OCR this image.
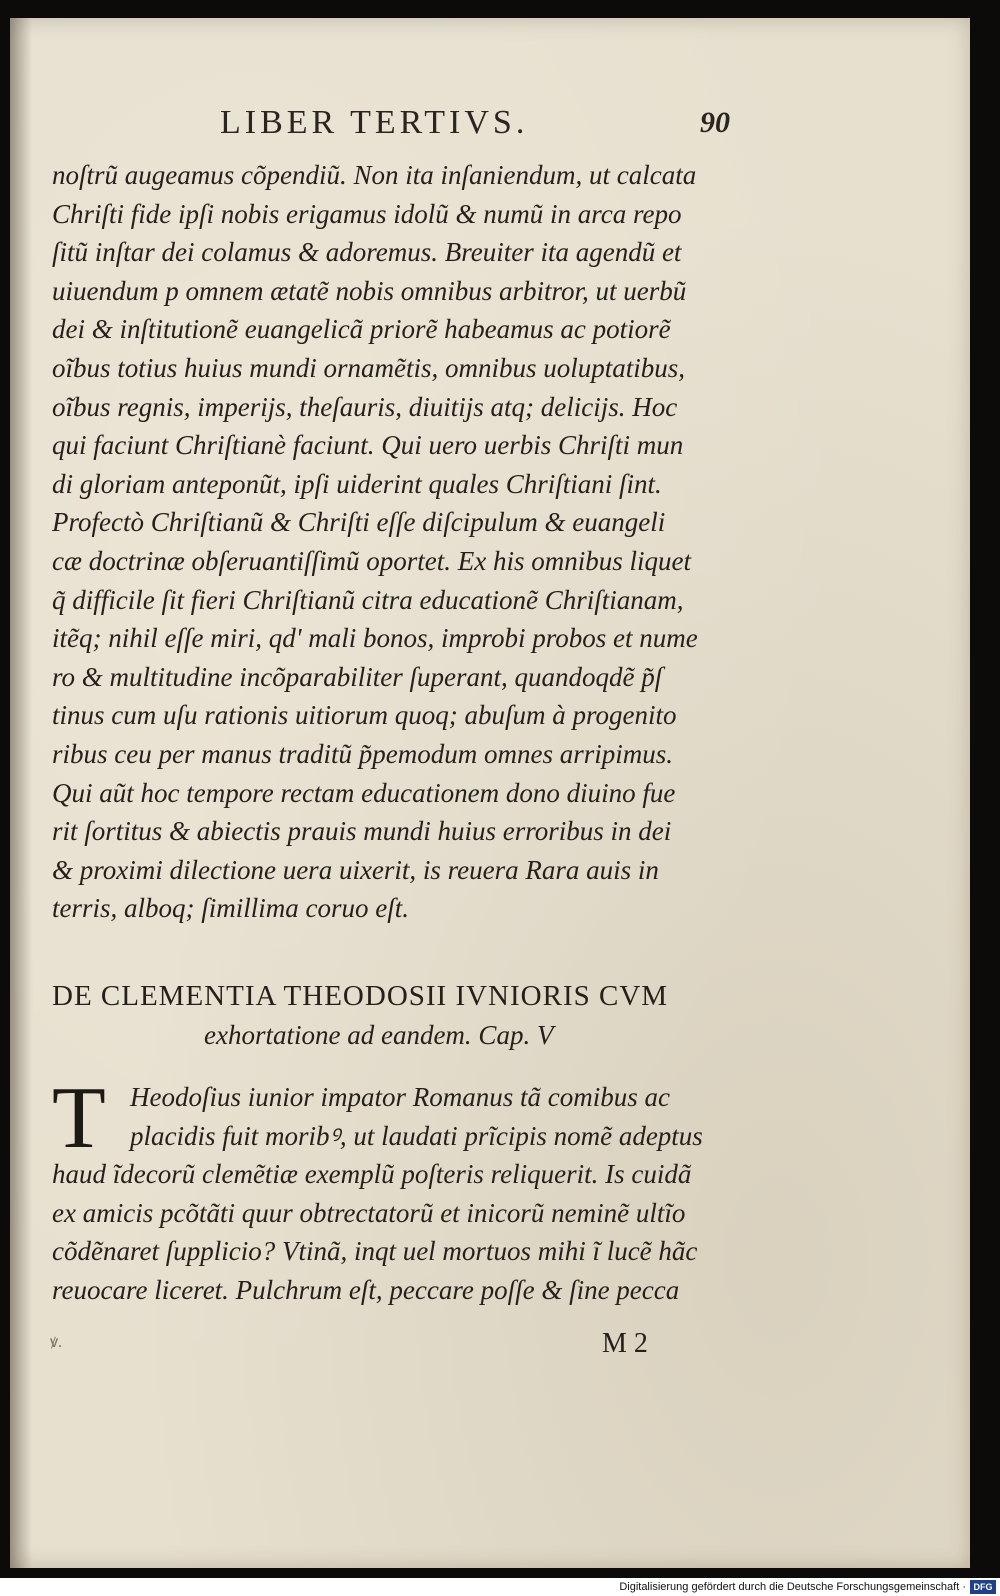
LIBER TERTIVS.	90
noſtrũ augeamus cõpendiũ. Non ita inſaniendum, ut calcata
Chriſti fide ipſi nobis erigamus idolũ & numũ in arca repo
ſitũ inſtar dei colamus & adoremus. Breuiter ita agendũ et
uiuendum p omnem ætatẽ nobis omnibus arbitror, ut uerbũ
dei & inſtitutionẽ euangelicã priorẽ habeamus ac potiorẽ
oĩbus totius huius mundi ornamẽtis, omnibus uoluptatibus,
oĩbus regnis, imperijs, theſauris, diuitijs atq; delicijs. Hoc
qui faciunt Chriſtianè faciunt. Qui uero uerbis Chriſti mun
di gloriam anteponũt, ipſi uiderint quales Chriſtiani ſint.
Profectò Chriſtianũ & Chriſti eſſe diſcipulum & euangeli
cæ doctrinæ obſeruantiſſimũ oportet. Ex his omnibus liquet
q̃ difficile ſit fieri Chriſtianũ citra educationẽ Chriſtianam,
itẽq; nihil eſſe miri, qd' mali bonos, improbi probos et nume
ro & multitudine incõparabiliter ſuperant, quandoqdẽ p̃ſ
tinus cum uſu rationis uitiorum quoq; abuſum à progenito
ribus ceu per manus traditũ p̃pemodum omnes arripimus.
Qui aũt hoc tempore rectam educationem dono diuino fue
rit ſortitus & abiectis prauis mundi huius erroribus in dei
& proximi dilectione uera uixerit, is reuera Rara auis in
terris, alboq; ſimillima coruo eſt.
DE CLEMENTIA THEODOSII IVNIORIS CVM
exhortatione ad eandem. Cap. V
T Heodoſius iunior impator Romanus tã comibus ac
placidis fuit moribꝰ, ut laudati prĩcipis nomẽ adeptus
haud ĩdecorũ clemẽtiæ exemplũ poſteris reliquerit. Is cuidã
ex amicis pcõtãti quur obtrectatorũ et inicorũ neminẽ ultĩo
cõdẽnaret ſupplicio? Vtinã, inqt uel mortuos mihi ĩ lucẽ hãc
reuocare liceret. Pulchrum eſt, peccare poſſe & ſine pecca
ꝟ.	M 2
Digitalisierung gefördert durch die Deutsche Forschungsgemeinschaft · DFG
